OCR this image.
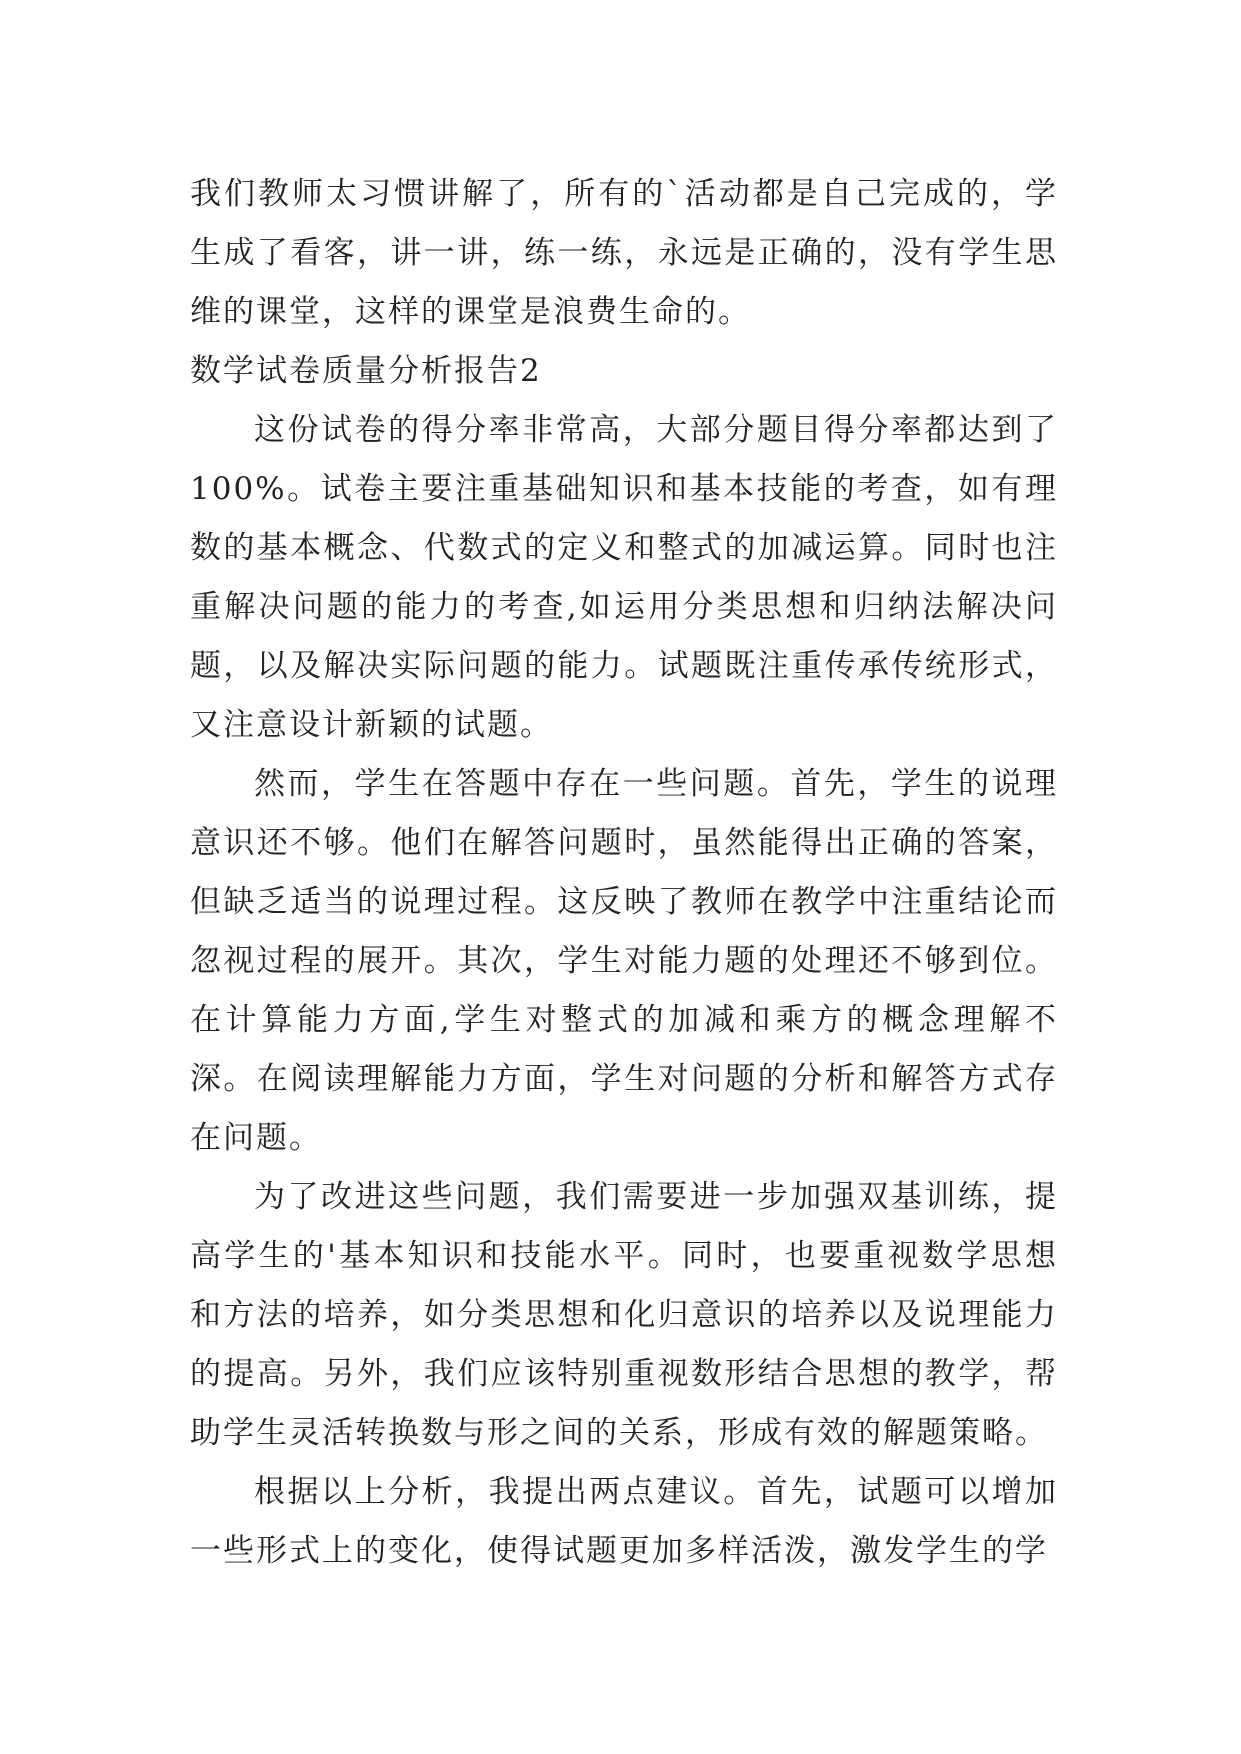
我们教师太习惯讲解了，所有的`活动都是自己完成的，学生成了看客，讲一讲，练一练，永远是正确的，没有学生思维的课堂，这样的课堂是浪费生命的。

数学试卷质量分析报告2

这份试卷的得分率非常高，大部分题目得分率都达到了100%。试卷主要注重基础知识和基本技能的考查，如有理数的基本概念、代数式的定义和整式的加减运算。同时也注重解决问题的能力的考查,如运用分类思想和归纳法解决问题，以及解决实际问题的能力。试题既注重传承传统形式，又注意设计新颖的试题。

然而，学生在答题中存在一些问题。首先，学生的说理意识还不够。他们在解答问题时，虽然能得出正确的答案，但缺乏适当的说理过程。这反映了教师在教学中注重结论而忽视过程的展开。其次，学生对能力题的处理还不够到位。在计算能力方面,学生对整式的加减和乘方的概念理解不深。在阅读理解能力方面，学生对问题的分析和解答方式存在问题。

为了改进这些问题，我们需要进一步加强双基训练，提高学生的'基本知识和技能水平。同时，也要重视数学思想和方法的培养，如分类思想和化归意识的培养以及说理能力的提高。另外，我们应该特别重视数形结合思想的教学，帮助学生灵活转换数与形之间的关系，形成有效的解题策略。

根据以上分析，我提出两点建议。首先，试题可以增加一些形式上的变化，使得试题更加多样活泼，激发学生的学
